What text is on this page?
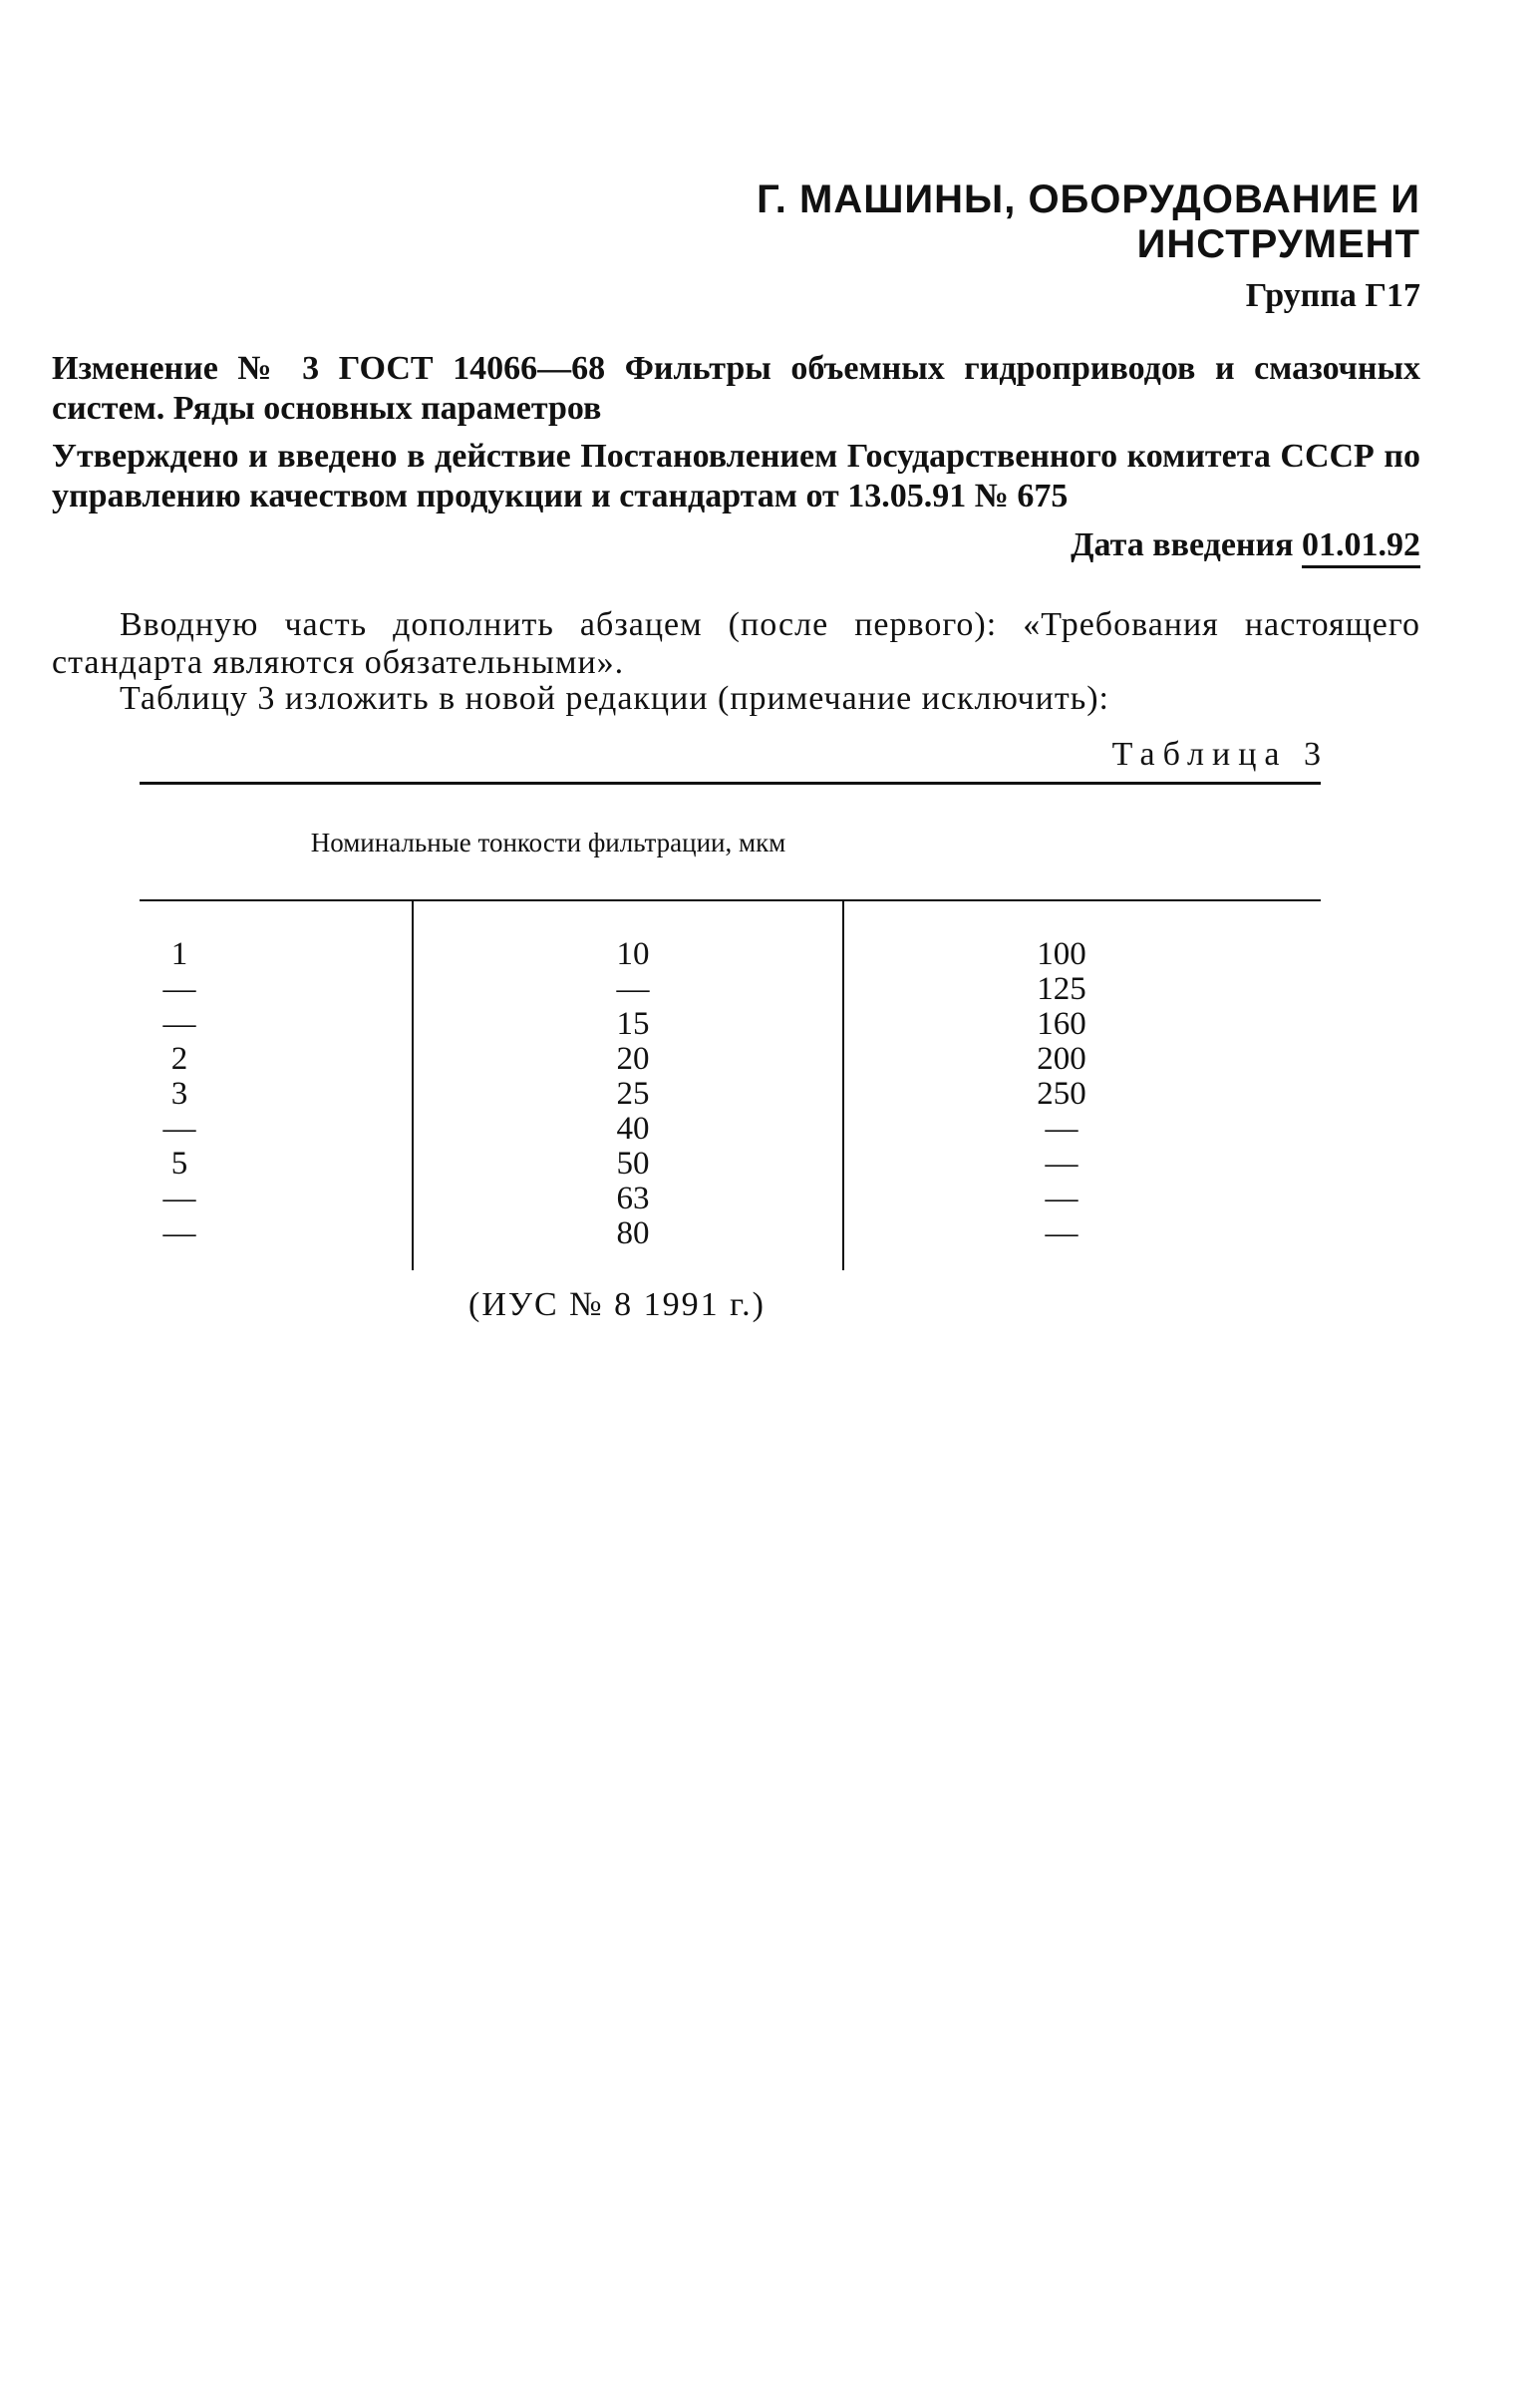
Г. МАШИНЫ, ОБОРУДОВАНИЕ И ИНСТРУМЕНТ
Группа Г17
Изменение № 3 ГОСТ 14066—68 Фильтры объемных гидроприводов и смазочных систем. Ряды основных параметров
Утверждено и введено в действие Постановлением Государственного комитета СССР по управлению качеством продукции и стандартам от 13.05.91 № 675
Дата введения 01.01.92
Вводную часть дополнить абзацем (после первого): «Требования настоящего стандарта являются обязательными».
Таблицу 3 изложить в новой редакции (примечание исключить):
Таблица 3
Номинальные тонкости фильтрации, мкм
1
—
—
2
3
—
5
—
—
10
—
15
20
25
40
50
63
80
100
125
160
200
250
—
—
—
—
(ИУС № 8 1991 г.)
